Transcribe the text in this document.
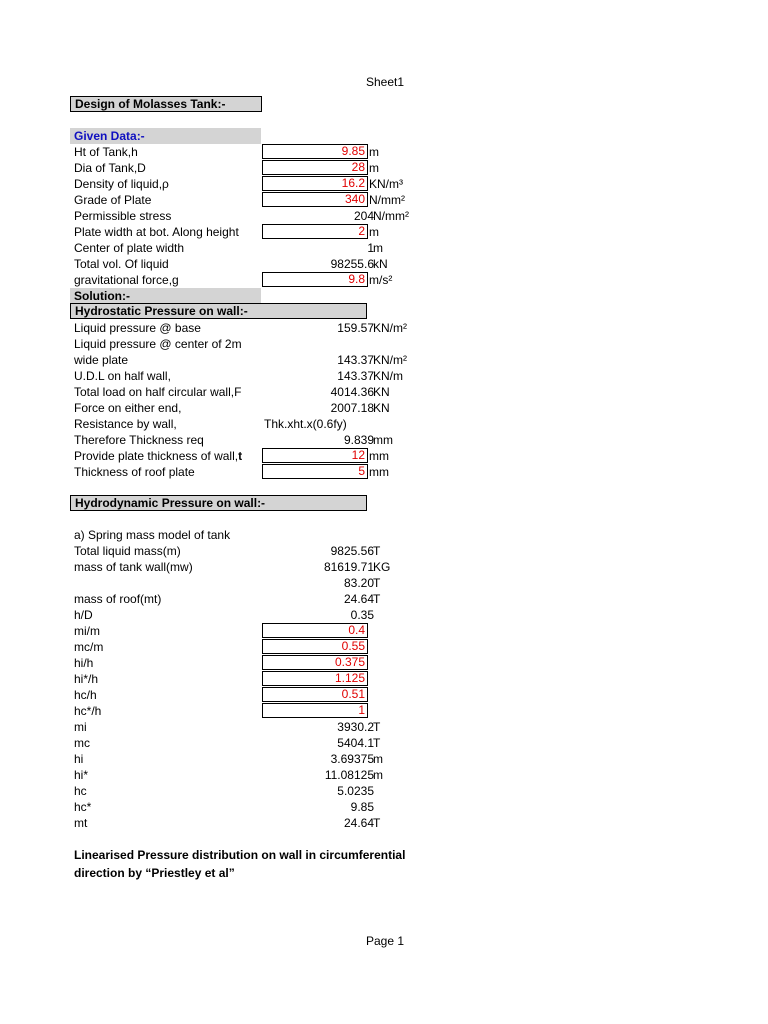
Sheet1
Design of Molasses Tank:-
Given Data:-
Ht of Tank,h	9.85 m
Dia of Tank,D	28 m
Density of liquid,ρ	16.2 KN/m³
Grade of Plate	340 N/mm²
Permissible stress	204 N/mm²
Plate width at bot. Along height	2 m
Center of plate width	1 m
Total vol. Of liquid	98255.6 kN
gravitational force,g	9.8 m/s²
Solution:-
Hydrostatic Pressure on wall:-
Liquid pressure @ base	159.57 KN/m²
Liquid pressure @ center of 2m
wide plate	143.37 KN/m²
U.D.L on half wall,	143.37 KN/m
Total load on half circular wall,F	4014.36 KN
Force on either end,	2007.18 KN
Resistance by wall,	Thk.xht.x(0.6fy)
Therefore Thickness req	9.839 mm
Provide plate thickness of wall,t	12 mm
Thickness of roof plate	5 mm
Hydrodynamic Pressure on wall:-
a) Spring mass model of tank
Total liquid mass(m)	9825.56 T
mass of tank wall(mw)	81619.71 KG
83.20 T
mass of roof(mt)	24.64 T
h/D	0.35
mi/m	0.4
mc/m	0.55
hi/h	0.375
hi*/h	1.125
hc/h	0.51
hc*/h	1
mi	3930.2 T
mc	5404.1 T
hi	3.69375 m
hi*	11.08125 m
hc	5.0235
hc*	9.85
mt	24.64 T
Linearised Pressure distribution on wall in circumferential direction by “Priestley et al”
Page 1
